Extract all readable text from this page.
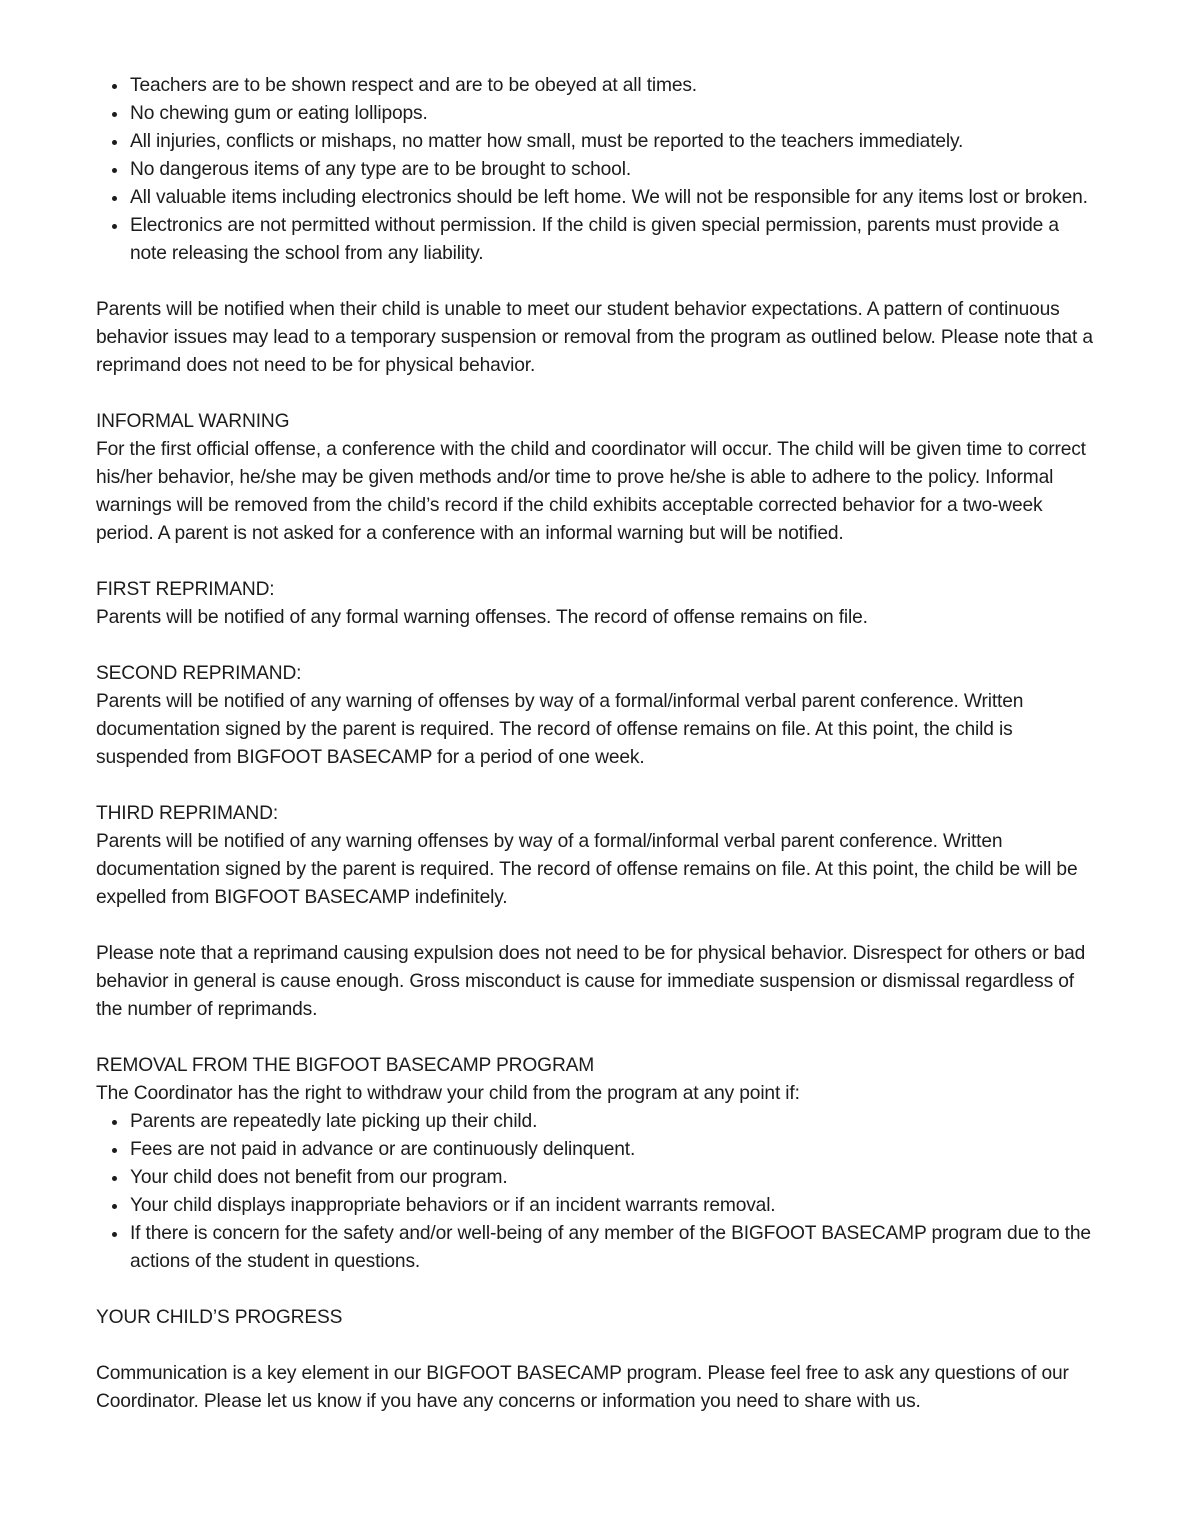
Teachers are to be shown respect and are to be obeyed at all times.
No chewing gum or eating lollipops.
All injuries, conflicts or mishaps, no matter how small, must be reported to the teachers immediately.
No dangerous items of any type are to be brought to school.
All valuable items including electronics should be left home. We will not be responsible for any items lost or broken.
Electronics are not permitted without permission. If the child is given special permission, parents must provide a note releasing the school from any liability.

Parents will be notified when their child is unable to meet our student behavior expectations. A pattern of continuous behavior issues may lead to a temporary suspension or removal from the program as outlined below. Please note that a reprimand does not need to be for physical behavior.

INFORMAL WARNING

For the first official offense, a conference with the child and coordinator will occur. The child will be given time to correct his/her behavior, he/she may be given methods and/or time to prove he/she is able to adhere to the policy. Informal warnings will be removed from the child’s record if the child exhibits acceptable corrected behavior for a two-week period. A parent is not asked for a conference with an informal warning but will be notified.

FIRST REPRIMAND:

Parents will be notified of any formal warning offenses. The record of offense remains on file.

SECOND REPRIMAND:

Parents will be notified of any warning of offenses by way of a formal/informal verbal parent conference. Written documentation signed by the parent is required. The record of offense remains on file. At this point, the child is suspended from BIGFOOT BASECAMP for a period of one week.

THIRD REPRIMAND:

Parents will be notified of any warning offenses by way of a formal/informal verbal parent conference. Written documentation signed by the parent is required. The record of offense remains on file. At this point, the child be will be expelled from BIGFOOT BASECAMP indefinitely.

Please note that a reprimand causing expulsion does not need to be for physical behavior. Disrespect for others or bad behavior in general is cause enough. Gross misconduct is cause for immediate suspension or dismissal regardless of the number of reprimands.

REMOVAL FROM THE BIGFOOT BASECAMP PROGRAM

The Coordinator has the right to withdraw your child from the program at any point if:

Parents are repeatedly late picking up their child.
Fees are not paid in advance or are continuously delinquent.
Your child does not benefit from our program.
Your child displays inappropriate behaviors or if an incident warrants removal.
If there is concern for the safety and/or well-being of any member of the BIGFOOT BASECAMP program due to the actions of the student in questions.

YOUR CHILD’S PROGRESS

Communication is a key element in our BIGFOOT BASECAMP program. Please feel free to ask any questions of our Coordinator. Please let us know if you have any concerns or information you need to share with us.
